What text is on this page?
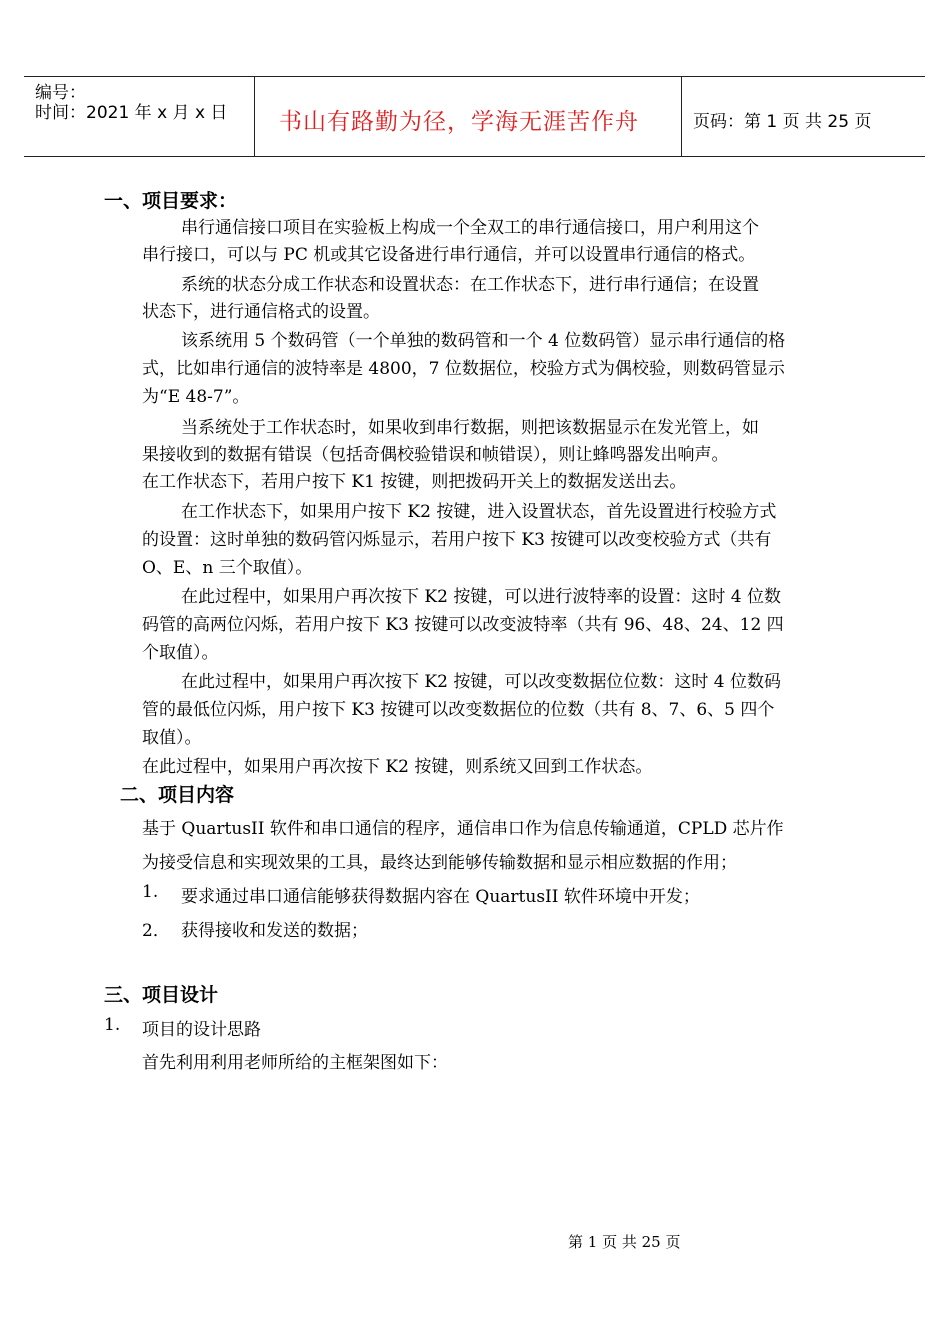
编号：
时间：2021 年 x 月 x 日 书山有路勤为径，学海无涯苦作舟	页码：第 1 页 共 25 页
一、项目要求：
串行通信接口项目在实验板上构成一个全双工的串行通信接口，用户利用这个
串行接口，可以与 PC 机或其它设备进行串行通信，并可以设置串行通信的格式。
系统的状态分成工作状态和设置状态：在工作状态下，进行串行通信；在设置
状态下，进行通信格式的设置。
该系统用 5 个数码管（一个单独的数码管和一个 4 位数码管）显示串行通信的格
式，比如串行通信的波特率是 4800，7 位数据位，校验方式为偶校验，则数码管显示
为“E 48-7”。
当系统处于工作状态时，如果收到串行数据，则把该数据显示在发光管上，如
果接收到的数据有错误（包括奇偶校验错误和帧错误），则让蜂鸣器发出响声。
在工作状态下，若用户按下 K1 按键，则把拨码开关上的数据发送出去。
在工作状态下，如果用户按下 K2 按键，进入设置状态，首先设置进行校验方式
的设置：这时单独的数码管闪烁显示，若用户按下 K3 按键可以改变校验方式（共有
O、E、n 三个取值）。
在此过程中，如果用户再次按下 K2 按键，可以进行波特率的设置：这时 4 位数
码管的高两位闪烁，若用户按下 K3 按键可以改变波特率（共有 96、48、24、12 四
个取值）。
在此过程中，如果用户再次按下 K2 按键，可以改变数据位位数：这时 4 位数码
管的最低位闪烁，用户按下 K3 按键可以改变数据位的位数（共有 8、7、6、5 四个
取值）。
在此过程中，如果用户再次按下 K2 按键，则系统又回到工作状态。
二、项目内容
基于 QuartusII 软件和串口通信的程序，通信串口作为信息传输通道，CPLD 芯片作
为接受信息和实现效果的工具，最终达到能够传输数据和显示相应数据的作用；
1. 要求通过串口通信能够获得数据内容在 QuartusII 软件环境中开发；
2． 获得接收和发送的数据；
三、项目设计
1. 项目的设计思路
首先利用利用老师所给的主框架图如下：
第 1 页 共 25 页
